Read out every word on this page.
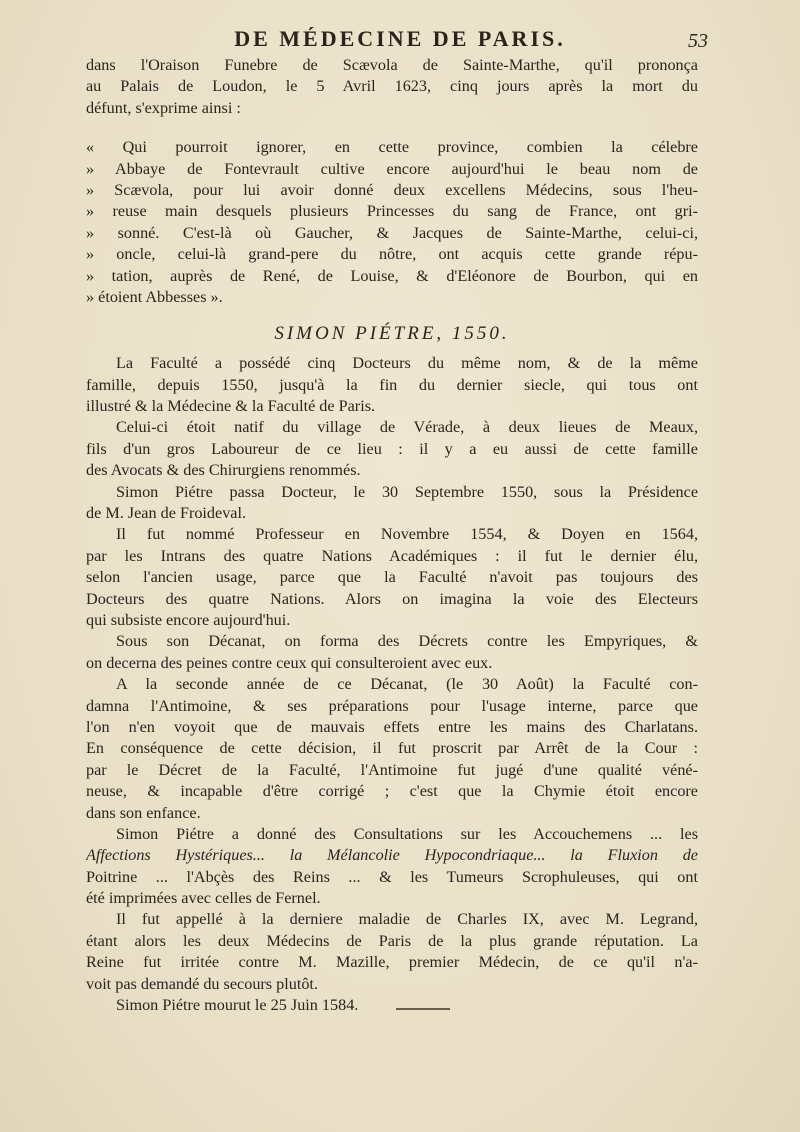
DE MÉDECINE DE PARIS.	53
dans l'Oraison Funebre de Scævola de Sainte-Marthe, qu'il prononça
au Palais de Loudon, le 5 Avril 1623, cinq jours après la mort du
défunt, s'exprime ainsi :
« Qui pourroit ignorer, en cette province, combien la célebre
» Abbaye de Fontevrault cultive encore aujourd'hui le beau nom de
» Scævola, pour lui avoir donné deux excellens Médecins, sous l'heu-
» reuse main desquels plusieurs Princesses du sang de France, ont gri-
» sonné. C'est-là où Gaucher, & Jacques de Sainte-Marthe, celui-ci,
» oncle, celui-là grand-pere du nôtre, ont acquis cette grande répu-
» tation, auprès de René, de Louise, & d'Eléonore de Bourbon, qui en
» étoient Abbesses ».
SIMON PIÉTRE, 1550.
La Faculté a possédé cinq Docteurs du même nom, & de la même
famille, depuis 1550, jusqu'à la fin du dernier siecle, qui tous ont
illustré & la Médecine & la Faculté de Paris.
Celui-ci étoit natif du village de Vérade, à deux lieues de Meaux,
fils d'un gros Laboureur de ce lieu : il y a eu aussi de cette famille
des Avocats & des Chirurgiens renommés.
Simon Piétre passa Docteur, le 30 Septembre 1550, sous la Présidence
de M. Jean de Froideval.
Il fut nommé Professeur en Novembre 1554, & Doyen en 1564,
par les Intrans des quatre Nations Académiques : il fut le dernier élu,
selon l'ancien usage, parce que la Faculté n'avoit pas toujours des
Docteurs des quatre Nations. Alors on imagina la voie des Electeurs
qui subsiste encore aujourd'hui.
Sous son Décanat, on forma des Décrets contre les Empyriques, &
on decerna des peines contre ceux qui consulteroient avec eux.
A la seconde année de ce Décanat, (le 30 Août) la Faculté con-
damna l'Antimoine, & ses préparations pour l'usage interne, parce que
l'on n'en voyoit que de mauvais effets entre les mains des Charlatans.
En conséquence de cette décision, il fut proscrit par Arrêt de la Cour :
par le Décret de la Faculté, l'Antimoine fut jugé d'une qualité véné-
neuse, & incapable d'être corrigé ; c'est que la Chymie étoit encore
dans son enfance.
Simon Piétre a donné des Consultations sur les Accouchemens ... les
Affections Hystériques... la Mélancolie Hypocondriaque... la Fluxion de
Poitrine ... l'Abçès des Reins ... & les Tumeurs Scrophuleuses, qui ont
été imprimées avec celles de Fernel.
Il fut appellé à la derniere maladie de Charles IX, avec M. Legrand,
étant alors les deux Médecins de Paris de la plus grande réputation. La
Reine fut irritée contre M. Mazille, premier Médecin, de ce qu'il n'a-
voit pas demandé du secours plutôt.
Simon Piétre mourut le 25 Juin 1584.
